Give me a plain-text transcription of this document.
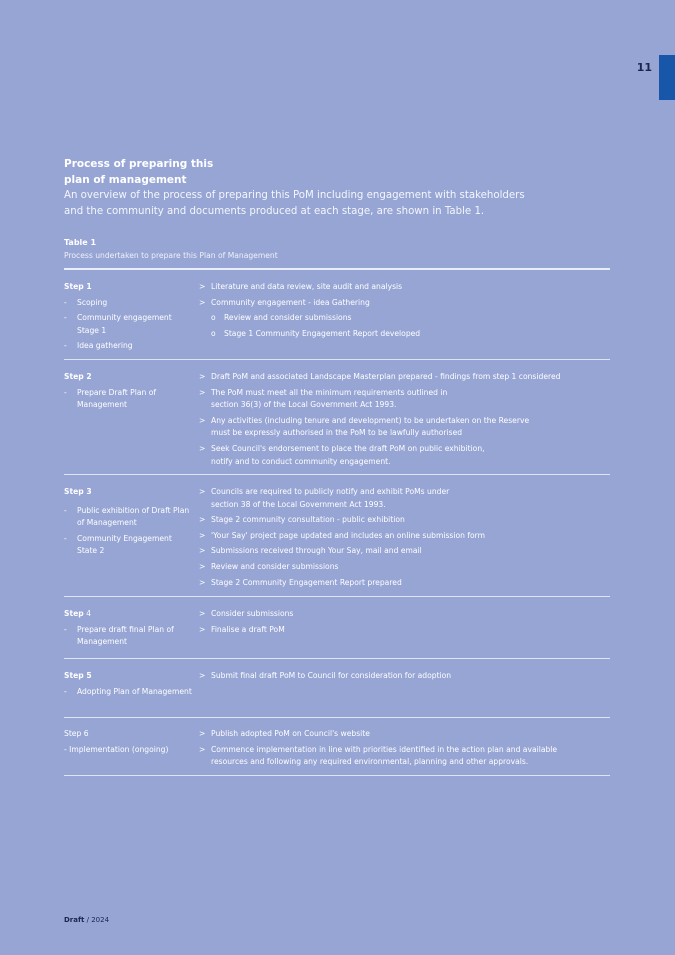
11
Process of preparing this
plan of management
An overview of the process of preparing this PoM including engagement with stakeholders
and the community and documents produced at each stage, are shown in Table 1.
Table 1
Process undertaken to prepare this Plan of Management
Step 1
- Scoping
- Community engagement Stage 1
- Idea gathering
> Literature and data review, site audit and analysis
> Community engagement - idea Gathering
o Review and consider submissions
o Stage 1 Community Engagement Report developed
Step 2
- Prepare Draft Plan of Management
> Draft PoM and associated Landscape Masterplan prepared - findings from step 1 considered
> The PoM must meet all the minimum requirements outlined in section 36(3) of the Local Government Act 1993.
> Any activities (including tenure and development) to be undertaken on the Reserve must be expressly authorised in the PoM to be lawfully authorised
> Seek Council's endorsement to place the draft PoM on public exhibition, notify and to conduct community engagement.
Step 3
- Public exhibition of Draft Plan of Management
- Community Engagement State 2
> Councils are required to publicly notify and exhibit PoMs under section 38 of the Local Government Act 1993.
> Stage 2 community consultation - public exhibition
> 'Your Say' project page updated and includes an online submission form
> Submissions received through Your Say, mail and email
> Review and consider submissions
> Stage 2 Community Engagement Report prepared
Step 4
- Prepare draft final Plan of Management
> Consider submissions
> Finalise a draft PoM
Step 5
- Adopting Plan of Management
> Submit final draft PoM to Council for consideration for adoption
Step 6
- Implementation (ongoing)
> Publish adopted PoM on Council's website
> Commence implementation in line with priorities identified in the action plan and available resources and following any required environmental, planning and other approvals.
Draft / 2024
